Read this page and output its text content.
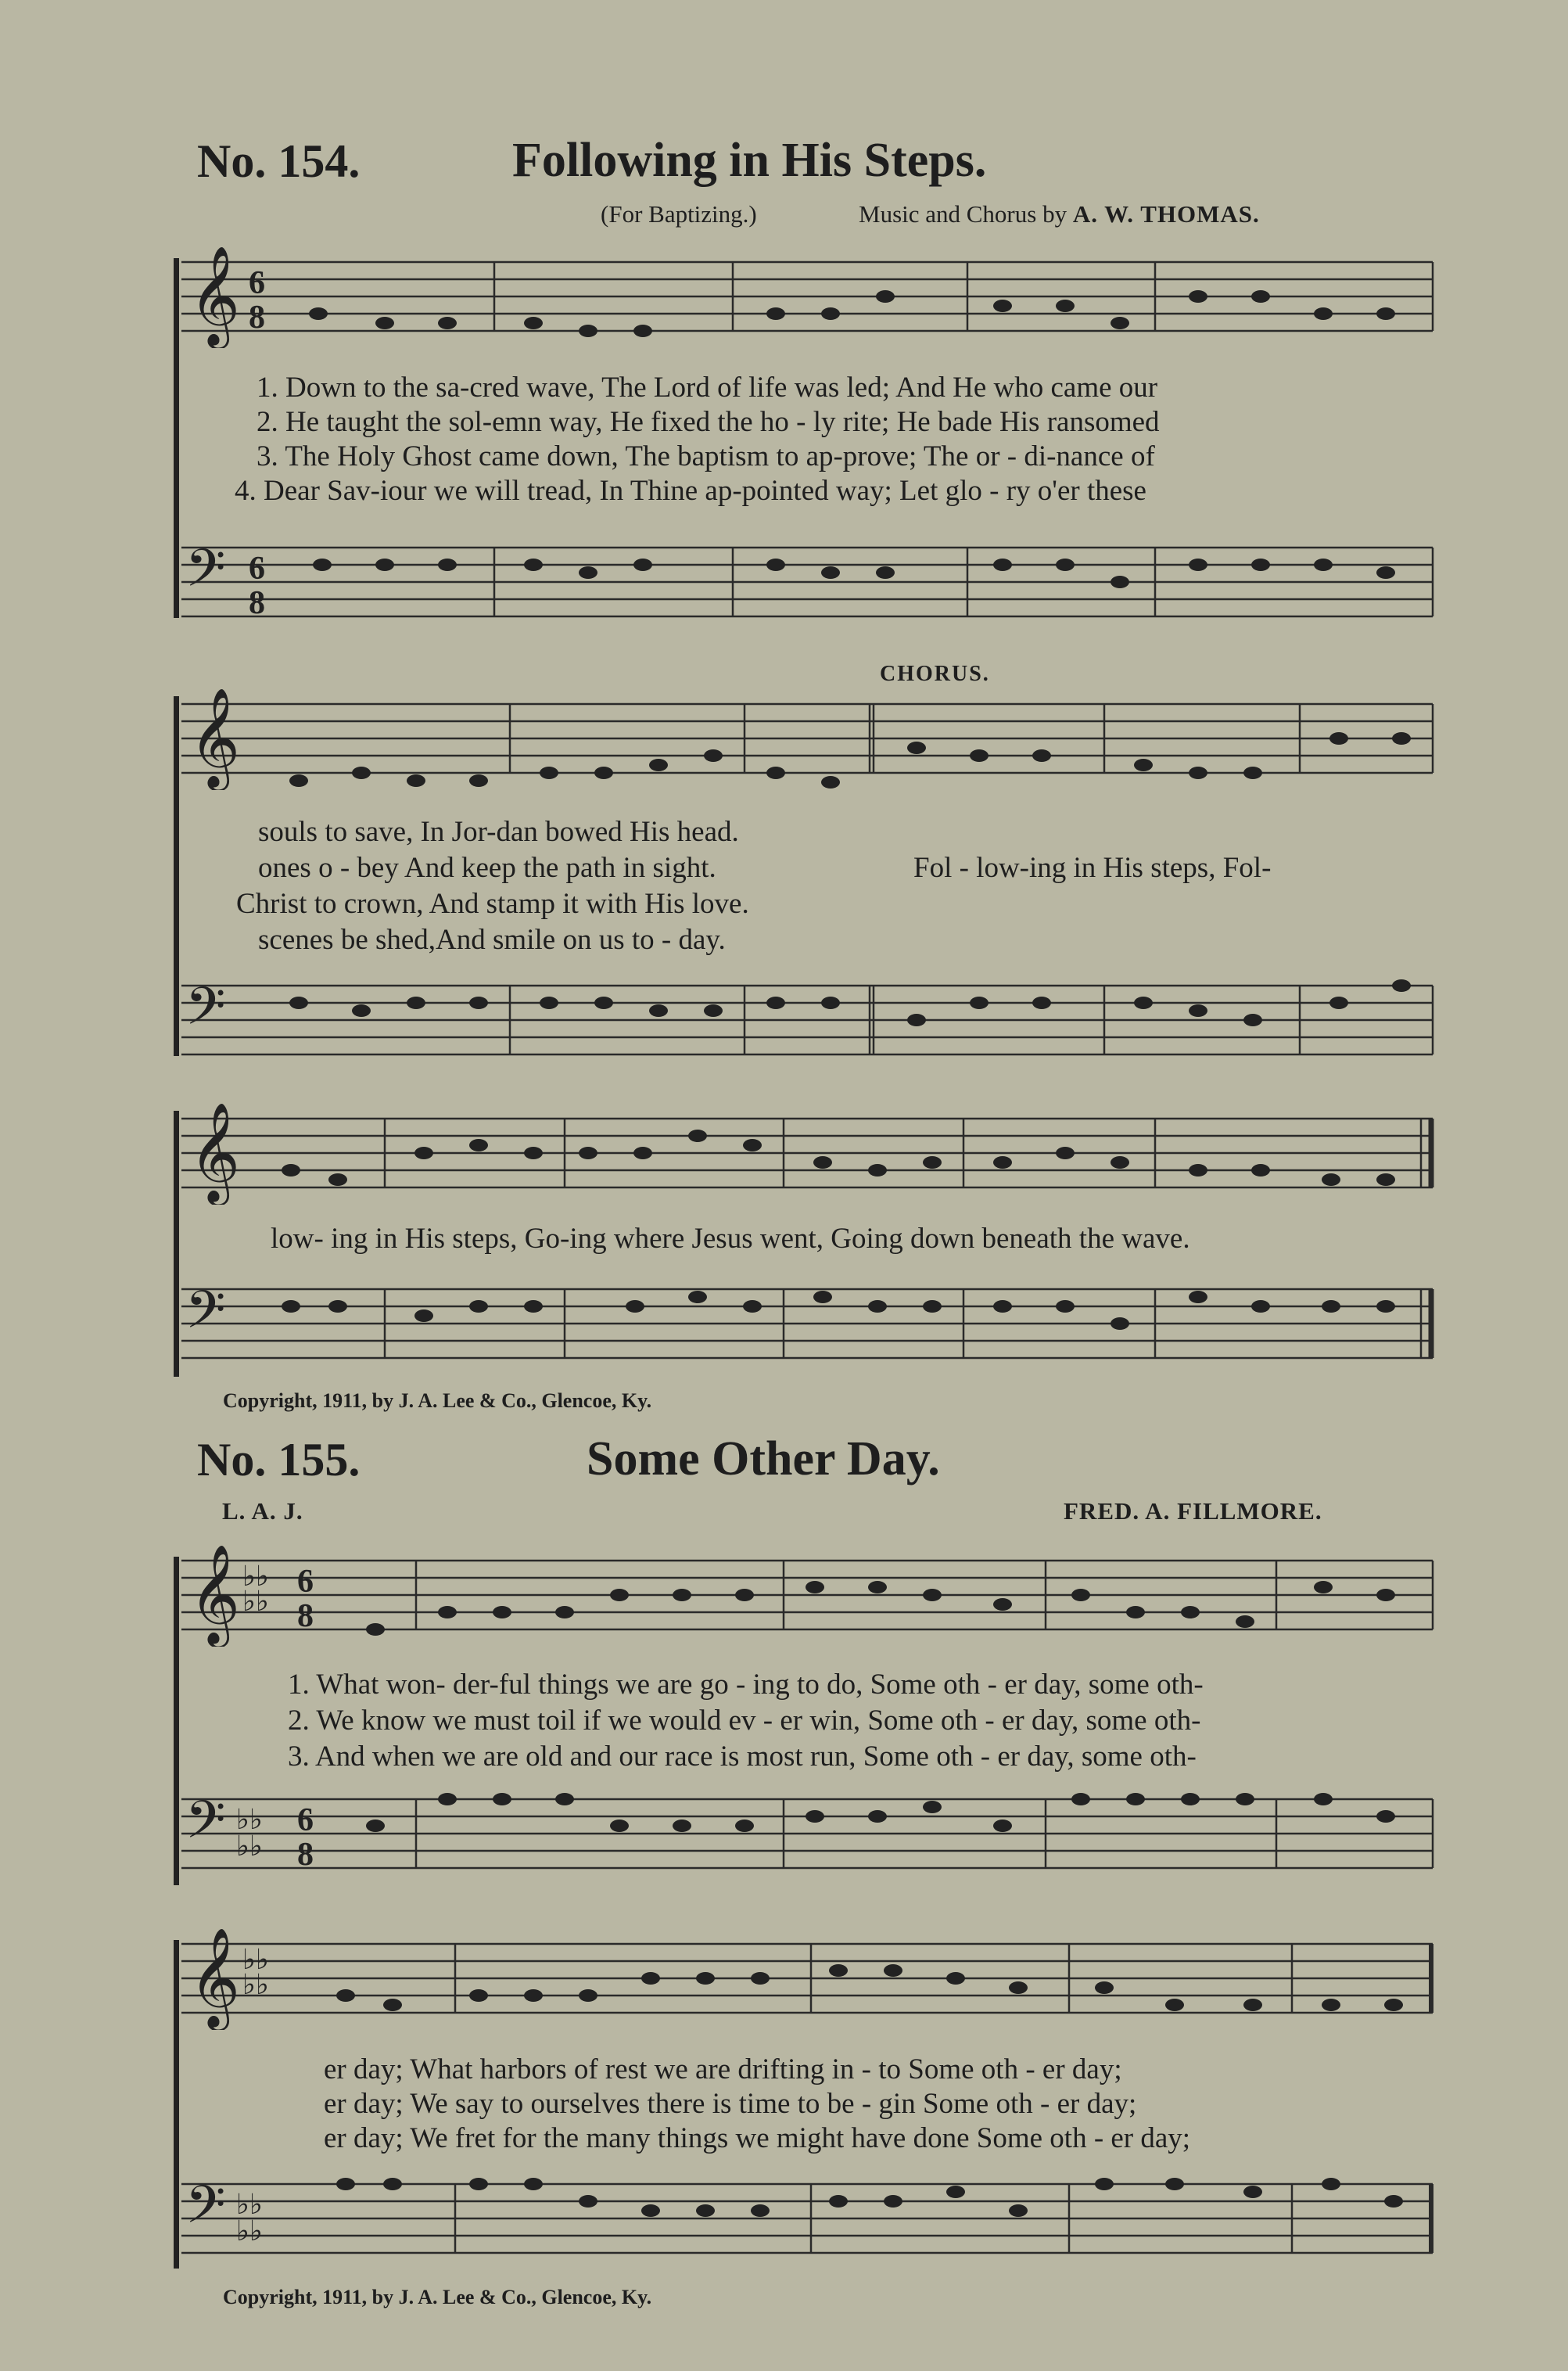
No. 154.	Following in His Steps.
(For Baptizing.)	Music and Chorus by A. W. THOMAS.
𝄞 6
8
1. Down to the sa-cred wave, The Lord of life was led; And He who came our
2. He taught the sol-emn way, He fixed the ho - ly rite; He bade His ransomed
3. The Holy Ghost came down, The baptism to ap-prove; The or - di-nance of
4. Dear Sav-iour we will tread, In Thine ap-pointed way; Let glo - ry o'er these
𝄢 6
8
CHORUS.
𝄞
souls to save, In Jor-dan bowed His head.
ones o - bey And keep the path in sight.
Christ to crown, And stamp it with His love.
scenes be shed,And smile on us to - day.
Fol - low-ing in His steps, Fol-
𝄢
𝄞
low- ing in His steps, Go-ing where Jesus went, Going down beneath the wave.
𝄢
Copyright, 1911, by J. A. Lee & Co., Glencoe, Ky.
No. 155.	Some Other Day.
L. A. J.	FRED. A. FILLMORE.
𝄞 ♭♭
♭♭
6
8
1. What won- der-ful things we are go - ing to do, Some oth - er day, some oth-
2. We know we must toil if we would ev - er win, Some oth - er day, some oth-
3. And when we are old and our race is most run, Some oth - er day, some oth-
𝄢 ♭♭
♭♭
6
8
𝄞 ♭♭
♭♭
er day; What harbors of rest we are drifting in - to Some oth - er day;
er day; We say to ourselves there is time to be - gin Some oth - er day;
er day; We fret for the many things we might have done Some oth - er day;
𝄢 ♭♭
♭♭
Copyright, 1911, by J. A. Lee & Co., Glencoe, Ky.
